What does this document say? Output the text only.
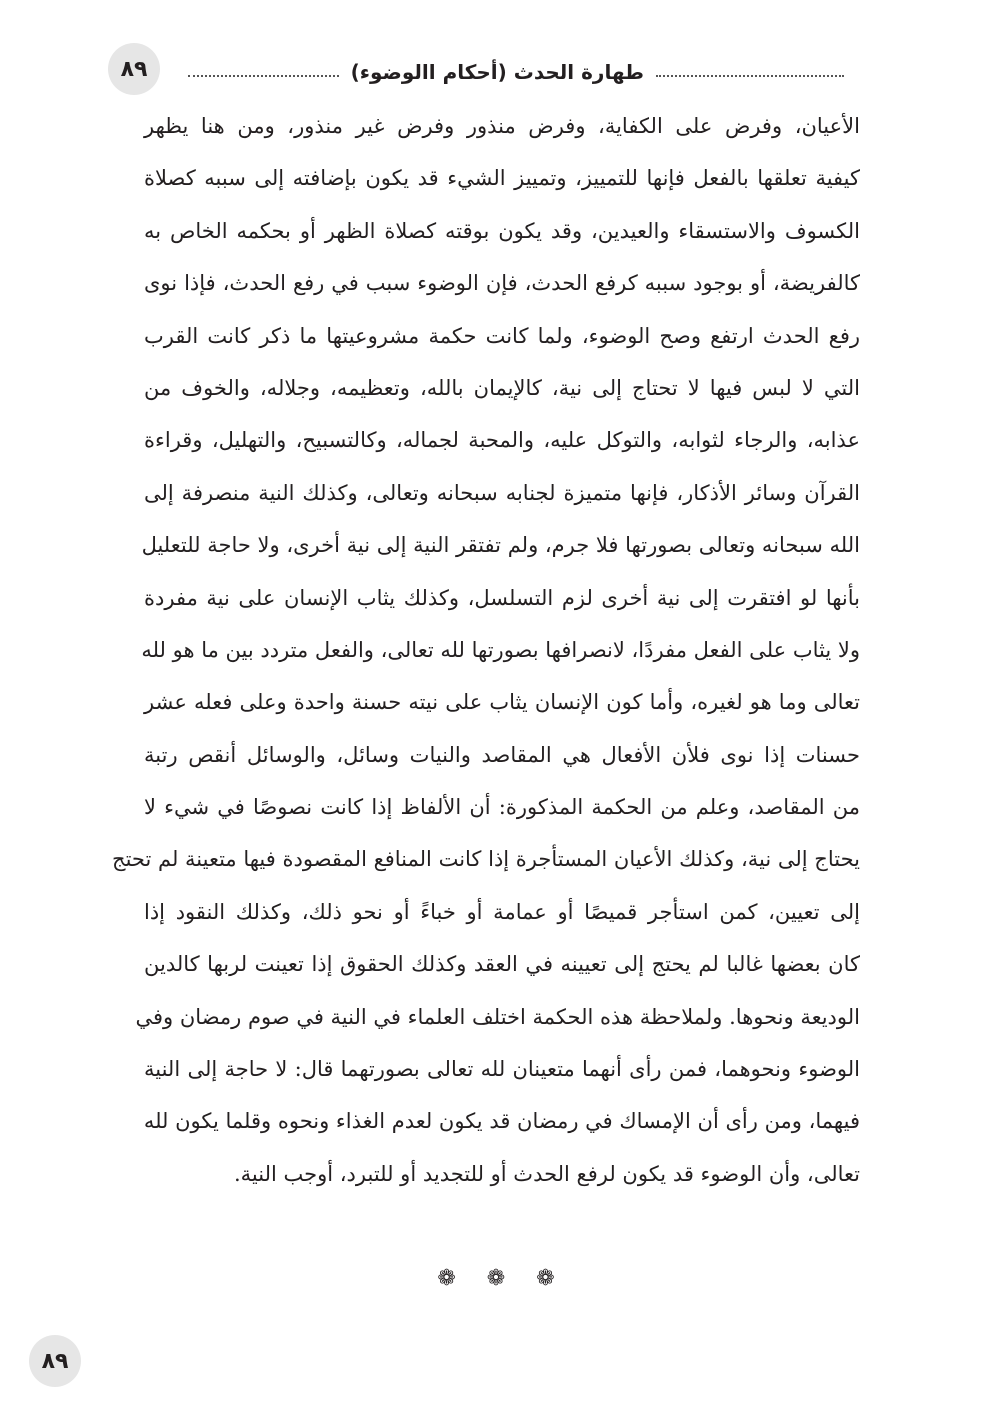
٨٩	طهارة الحدث (أحكام االوضوء)
الأعيان، وفرض على الكفاية، وفرض منذور وفرض غير منذور، ومن هنا يظهر
كيفية تعلقها بالفعل فإنها للتمييز، وتمييز الشيء قد يكون بإضافته إلى سببه كصلاة
الكسوف والاستسقاء والعيدين، وقد يكون بوقته كصلاة الظهر أو بحكمه الخاص به
كالفريضة، أو بوجود سببه كرفع الحدث، فإن الوضوء سبب في رفع الحدث، فإذا نوى
رفع الحدث ارتفع وصح الوضوء، ولما كانت حكمة مشروعيتها ما ذكر كانت القرب
التي لا لبس فيها لا تحتاج إلى نية، كالإيمان بالله، وتعظيمه، وجلاله، والخوف من
عذابه، والرجاء لثوابه، والتوكل عليه، والمحبة لجماله، وكالتسبيح، والتهليل، وقراءة
القرآن وسائر الأذكار، فإنها متميزة لجنابه سبحانه وتعالى، وكذلك النية منصرفة إلى
الله سبحانه وتعالى بصورتها فلا جرم، ولم تفتقر النية إلى نية أخرى، ولا حاجة للتعليل
بأنها لو افتقرت إلى نية أخرى لزم التسلسل، وكذلك يثاب الإنسان على نية مفردة
ولا يثاب على الفعل مفردًا، لانصرافها بصورتها لله تعالى، والفعل متردد بين ما هو لله
تعالى وما هو لغيره، وأما كون الإنسان يثاب على نيته حسنة واحدة وعلى فعله عشر
حسنات إذا نوى فلأن الأفعال هي المقاصد والنيات وسائل، والوسائل أنقص رتبة
من المقاصد، وعلم من الحكمة المذكورة: أن الألفاظ إذا كانت نصوصًا في شيء لا
يحتاج إلى نية، وكذلك الأعيان المستأجرة إذا كانت المنافع المقصودة فيها متعينة لم تحتج
إلى تعيين، كمن استأجر قميصًا أو عمامة أو خباءً أو نحو ذلك، وكذلك النقود إذا
كان بعضها غالبا لم يحتج إلى تعيينه في العقد وكذلك الحقوق إذا تعينت لربها كالدين
الوديعة ونحوها. ولملاحظة هذه الحكمة اختلف العلماء في النية في صوم رمضان وفي
الوضوء ونحوهما، فمن رأى أنهما متعينان لله تعالى بصورتهما قال: لا حاجة إلى النية
فيهما، ومن رأى أن الإمساك في رمضان قد يكون لعدم الغذاء ونحوه وقلما يكون لله
تعالى، وأن الوضوء قد يكون لرفع الحدث أو للتجديد أو للتبرد، أوجب النية.
❁ ❁ ❁
٨٩
